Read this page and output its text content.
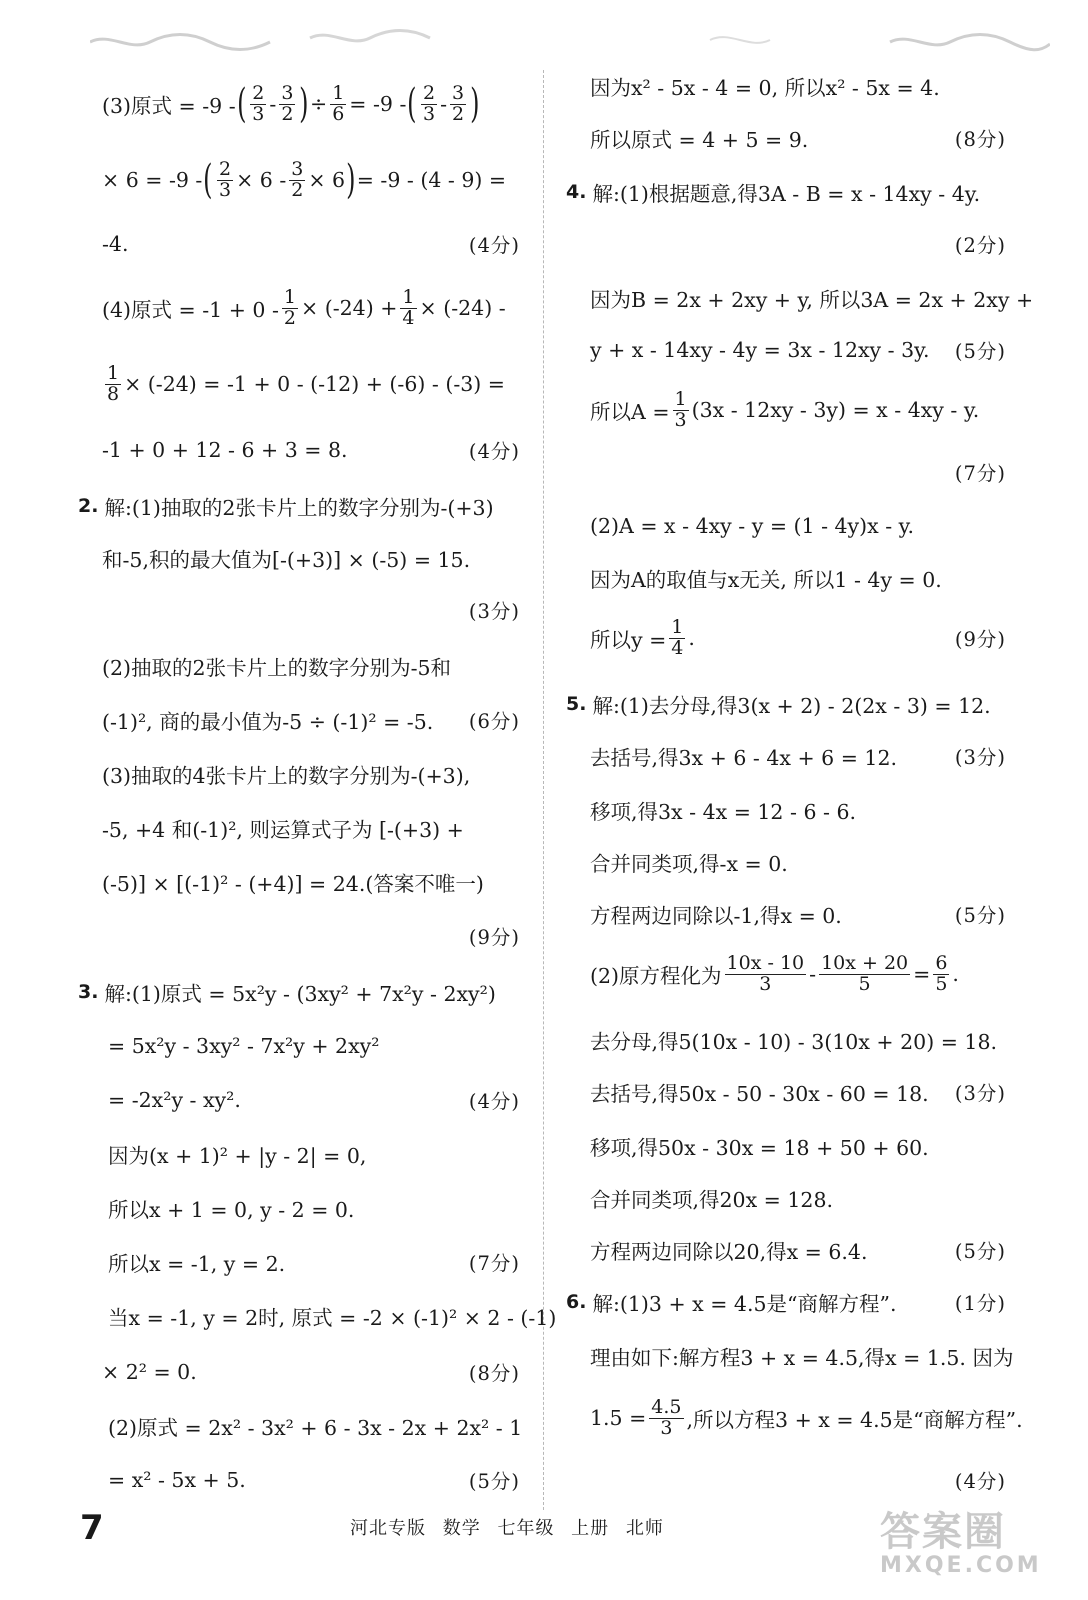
(3)原式 = -9 - ( $\frac{2}{3} - \frac{3}{2}$ ) ÷ $\frac{1}{6} = -9$ - ( $\frac{2}{3} - \frac{3}{2}$ )
× 6 = -9 - ( $\frac{2}{3} \times 6 - \frac{3}{2} \times 6$ ) = -9 - (4 - 9) =
-4.	(4分)
(4)原式 = $-1 + 0 - \frac{1}{2} \times (-24) + \frac{1}{4} \times (-24)$ -
$\frac{1}{8} \times (-24) = -1 + 0 - (-12) + (-6) - (-3)$ =
-1 + 0 + 12 - 6 + 3 = 8.	(4分)
2. 解:(1)抽取的2张卡片上的数字分别为-(+3)
和-5,积的最大值为[-(+3)] × (-5) = 15.
(3分)
(2)抽取的2张卡片上的数字分别为-5和
(-1)², 商的最小值为-5 ÷ (-1)² = -5. (6分)
(3)抽取的4张卡片上的数字分别为-(+3),
-5, +4 和(-1)², 则运算式子为 [-(+3) +
(-5)] × [(-1)² - (+4)] = 24.(答案不唯一)
(9分)
3. 解:(1)原式 = 5x²y - (3xy² + 7x²y - 2xy²)
= 5x²y - 3xy² - 7x²y + 2xy²
= -2x²y - xy².	(4分)
因为(x + 1)² + |y - 2| = 0,
所以x + 1 = 0, y - 2 = 0.
所以x = -1, y = 2.	(7分)
当x = -1, y = 2时, 原式 = -2 × (-1)² × 2 - (-1)
× 2² = 0.	(8分)
(2)原式 = 2x² - 3x² + 6 - 3x - 2x + 2x² - 1
= x² - 5x + 5.	(5分)
因为x² - 5x - 4 = 0, 所以x² - 5x = 4.
所以原式 = 4 + 5 = 9.	(8分)
4. 解:(1)根据题意,得3A - B = x - 14xy - 4y.
(2分)
因为B = 2x + 2xy + y, 所以3A = 2x + 2xy +
y + x - 14xy - 4y = 3x - 12xy - 3y. (5分)
所以$A = \frac{1}{3} (3x - 12xy - 3y) = x - 4xy - y$.
(7分)
(2)A = x - 4xy - y = (1 - 4y)x - y.
因为A的取值与x无关, 所以1 - 4y = 0.
所以$y = \frac{1}{4}$ .	(9分)
5. 解:(1)去分母,得3(x + 2) - 2(2x - 3) = 12.
去括号,得3x + 6 - 4x + 6 = 12.	(3分)
移项,得3x - 4x = 12 - 6 - 6.
合并同类项,得-x = 0.
方程两边同除以-1,得x = 0.	(5分)
(2)原方程化为 $\frac{10x - 10}{3} - \frac{10x + 20}{5} = \frac{6}{5}$ .
去分母,得5(10x - 10) - 3(10x + 20) = 18.
去括号,得50x - 50 - 30x - 60 = 18. (3分)
移项,得50x - 30x = 18 + 50 + 60.
合并同类项,得20x = 128.
方程两边同除以20,得x = 6.4.	(5分)
6. 解:(1)3 + x = 4.5是“商解方程”.	(1分)
理由如下:解方程3 + x = 4.5,得x = 1.5. 因为
$1.5 = \frac{4.5}{3}$ ,所以方程3 + x = 4.5是“商解方程”.
(4分)
7	河北专版 数学 七年级 上册 北师	答案圈
MXQE.COM
